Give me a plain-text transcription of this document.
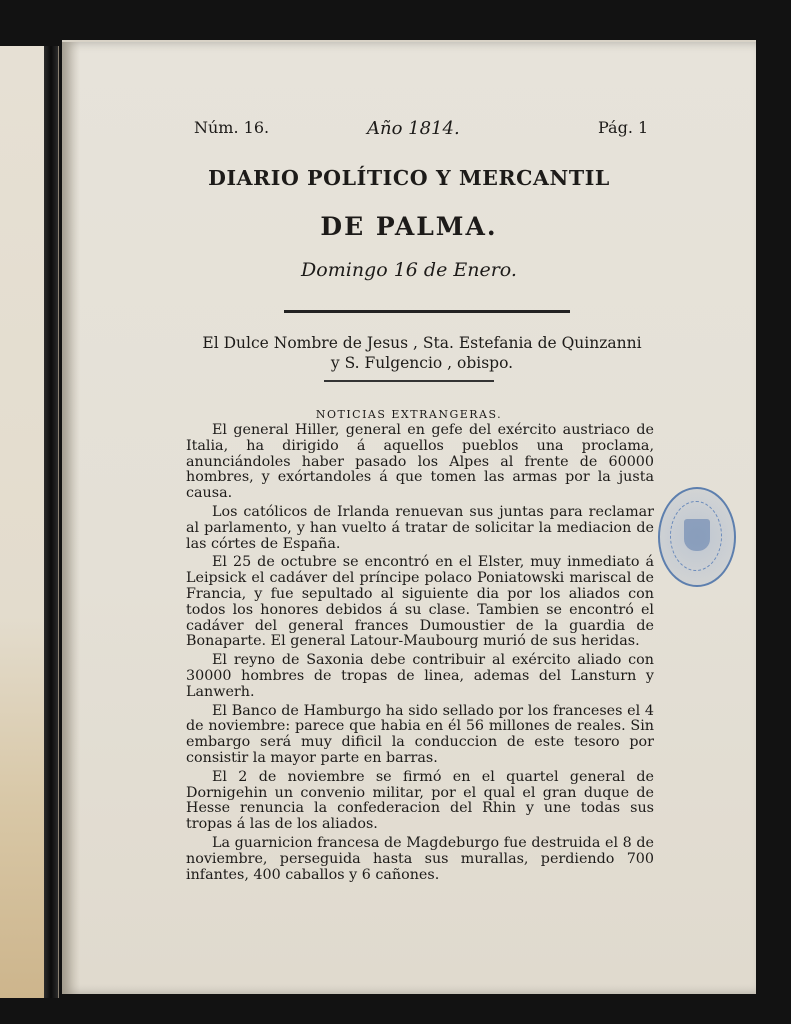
Núm. 16.	Año 1814.	Pág. 1
DIARIO POLÍTICO Y MERCANTIL
DE PALMA.
Domingo 16 de Enero.
El Dulce Nombre de Jesus , Sta. Estefania de Quinzanni y S. Fulgencio , obispo.
NOTICIAS EXTRANGERAS.

El general Hiller, general en gefe del exército austriaco de Italia, ha dirigido á aquellos pueblos una proclama, anunciándoles haber pasado los Alpes al frente de 60000 hombres, y exórtandoles á que tomen las armas por la justa causa.

Los católicos de Irlanda renuevan sus juntas para reclamar al parlamento, y han vuelto á tratar de solicitar la mediacion de las córtes de España.

El 25 de octubre se encontró en el Elster, muy inmediato á Leipsick el cadáver del príncipe polaco Poniatowski mariscal de Francia, y fue sepultado al siguiente dia por los aliados con todos los honores debidos á su clase. Tambien se encontró el cadáver del general frances Dumoustier de la guardia de Bonaparte. El general Latour-Maubourg murió de sus heridas.

El reyno de Saxonia debe contribuir al exército aliado con 30000 hombres de tropas de linea, ademas del Lansturn y Lanwerh.

El Banco de Hamburgo ha sido sellado por los franceses el 4 de noviembre: parece que habia en él 56 millones de reales. Sin embargo será muy dificil la conduccion de este tesoro por consistir la mayor parte en barras.

El 2 de noviembre se firmó en el quartel general de Dornigehin un convenio militar, por el qual el gran duque de Hesse renuncia la confederacion del Rhin y une todas sus tropas á las de los aliados.

La guarnicion francesa de Magdeburgo fue destruida el 8 de noviembre, perseguida hasta sus murallas, perdiendo 700 infantes, 400 caballos y 6 cañones.
